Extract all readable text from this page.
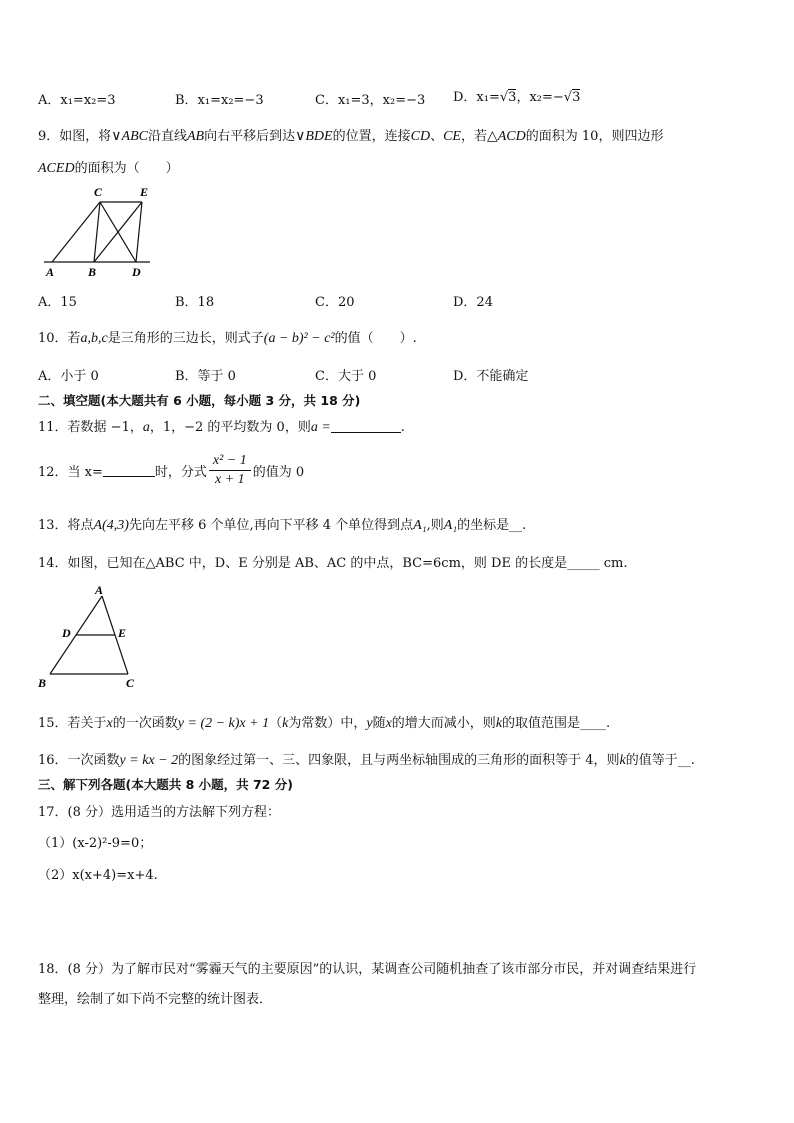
A．x₁=x₂=3	B．x₁=x₂=−3	C．x₁=3，x₂=−3 D．x₁=√3，x₂=−√3
9．如图，将∨ABC沿直线AB向右平移后到达∨BDE的位置，连接CD、CE，若△ACD的面积为 10，则四边形
ACED的面积为（　　）
A	B
C
D
E
A．15	B．18	C．20	D．24
10．若a,b,c是三角形的三边长，则式子(a − b)² − c²的值（　　）.
A．小于 0	B．等于 0	C．大于 0	D．不能确定
二、填空题(本大题共有 6 小题，每小题 3 分，共 18 分)
11．若数据 −1，a，1，−2 的平均数为 0，则a =	.
12．当 x=	时，分式 $\frac{\text{x² − 1}}{x + 1}$ 的值为 0
13．将点A(4,3)先向左平移 6 个单位,再向下平移 4 个单位得到点A₁,则A₁的坐标是__.
14．如图，已知在△ABC 中，D、E 分别是 AB、AC 的中点，BC=6cm，则 DE 的长度是_____ cm.
A
D	E
B	C
15．若关于x的一次函数y = (2 − k)x + 1（k为常数）中，y随x的增大而减小，则k的取值范围是____.
16．一次函数y = kx − 2的图象经过第一、三、四象限，且与两坐标轴围成的三角形的面积等于 4，则k的值等于__.
三、解下列各题(本大题共 8 小题，共 72 分)
17．(8 分）选用适当的方法解下列方程：
（1）(x-2)²-9=0；
（2）x(x+4)=x+4.
18．(8 分）为了解市民对“雾霾天气的主要原因”的认识，某调查公司随机抽查了该市部分市民，并对调查结果进行
整理，绘制了如下尚不完整的统计图表．
